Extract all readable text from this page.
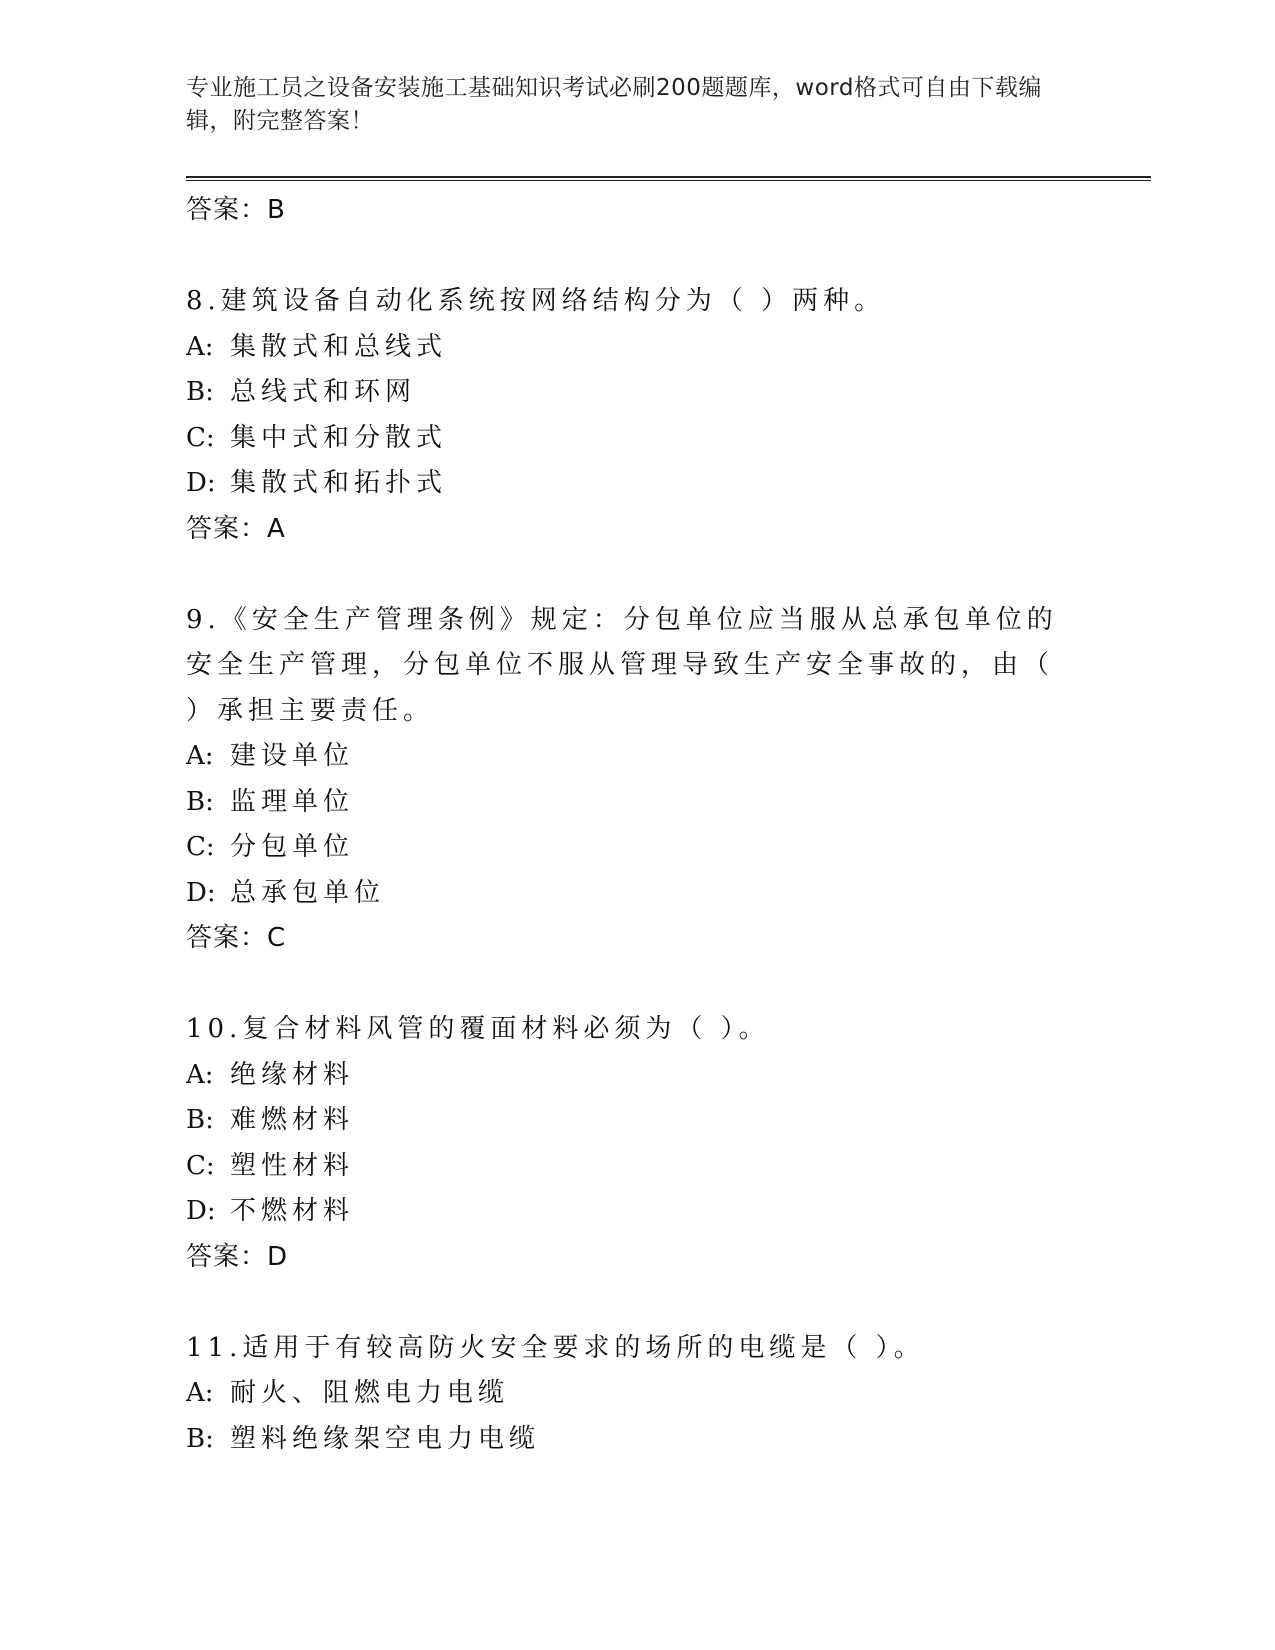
专业施工员之设备安装施工基础知识考试必刷200题题库，word格式可自由下载编辑，附完整答案！
答案：B
8.建筑设备自动化系统按网络结构分为（ ）两种。
A: 集散式和总线式
B: 总线式和环网
C: 集中式和分散式
D: 集散式和拓扑式
答案：A
9.《安全生产管理条例》规定：分包单位应当服从总承包单位的安全生产管理，分包单位不服从管理导致生产安全事故的，由（ ）承担主要责任。
A: 建设单位
B: 监理单位
C: 分包单位
D: 总承包单位
答案：C
10.复合材料风管的覆面材料必须为（ ）。
A: 绝缘材料
B: 难燃材料
C: 塑性材料
D: 不燃材料
答案：D
11.适用于有较高防火安全要求的场所的电缆是（ ）。
A: 耐火、阻燃电力电缆
B: 塑料绝缘架空电力电缆
